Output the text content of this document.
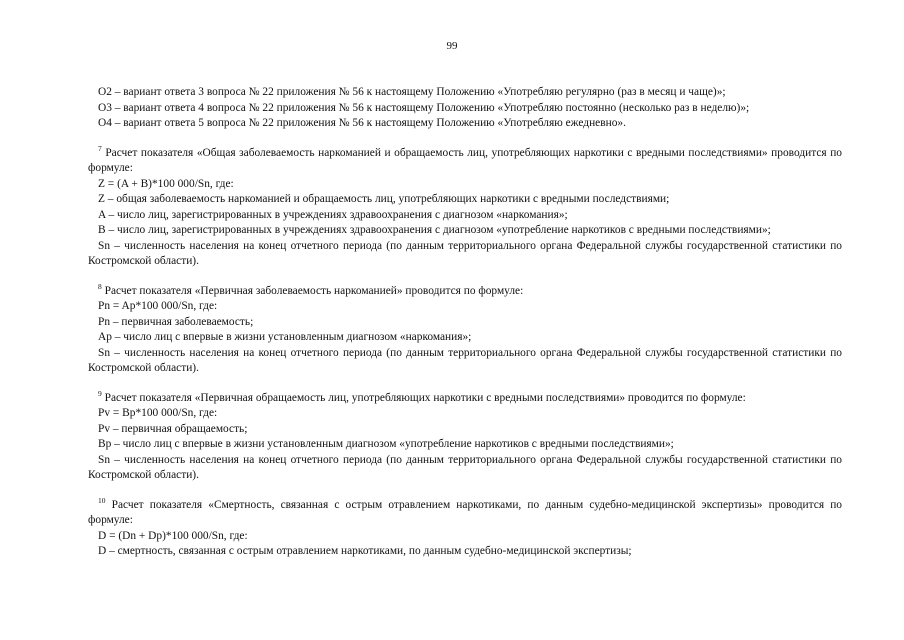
99

О2 – вариант ответа 3 вопроса № 22 приложения № 56 к настоящему Положению «Употребляю регулярно (раз в месяц и чаще)»;

О3 – вариант ответа 4 вопроса № 22 приложения № 56 к настоящему Положению «Употребляю постоянно (несколько раз в неделю)»;

О4 – вариант ответа 5 вопроса № 22 приложения № 56 к настоящему Положению «Употребляю ежедневно».

$^7$ Расчет показателя «Общая заболеваемость наркоманией и обращаемость лиц, употребляющих наркотики с вредными последствиями» проводится по формуле:

Z = (A + B)*100 000/Sn, где:

Z – общая заболеваемость наркоманией и обращаемость лиц, употребляющих наркотики с вредными последствиями;

A – число лиц, зарегистрированных в учреждениях здравоохранения с диагнозом «наркомания»;

B – число лиц, зарегистрированных в учреждениях здравоохранения с диагнозом «употребление наркотиков с вредными последствиями»;

Sn – численность населения на конец отчетного периода (по данным территориального органа Федеральной службы государственной статистики по Костромской области).

$^8$ Расчет показателя «Первичная заболеваемость наркоманией» проводится по формуле:

Pn = Ap*100 000/Sn, где:

Pn – первичная заболеваемость;

Ap – число лиц с впервые в жизни установленным диагнозом «наркомания»;

Sn – численность населения на конец отчетного периода (по данным территориального органа Федеральной службы государственной статистики по Костромской области).

$^9$ Расчет показателя «Первичная обращаемость лиц, употребляющих наркотики с вредными последствиями» проводится по формуле:

Pv = Bp*100 000/Sn, где:

Pv – первичная обращаемость;

Bp – число лиц с впервые в жизни установленным диагнозом «употребление наркотиков с вредными последствиями»;

Sn – численность населения на конец отчетного периода (по данным территориального органа Федеральной службы государственной статистики по Костромской области).

$^{10}$ Расчет показателя «Смертность, связанная с острым отравлением наркотиками, по данным судебно-медицинской экспертизы» проводится по формуле:

D = (Dn + Dp)*100 000/Sn, где:

D – смертность, связанная с острым отравлением наркотиками, по данным судебно-медицинской экспертизы;
